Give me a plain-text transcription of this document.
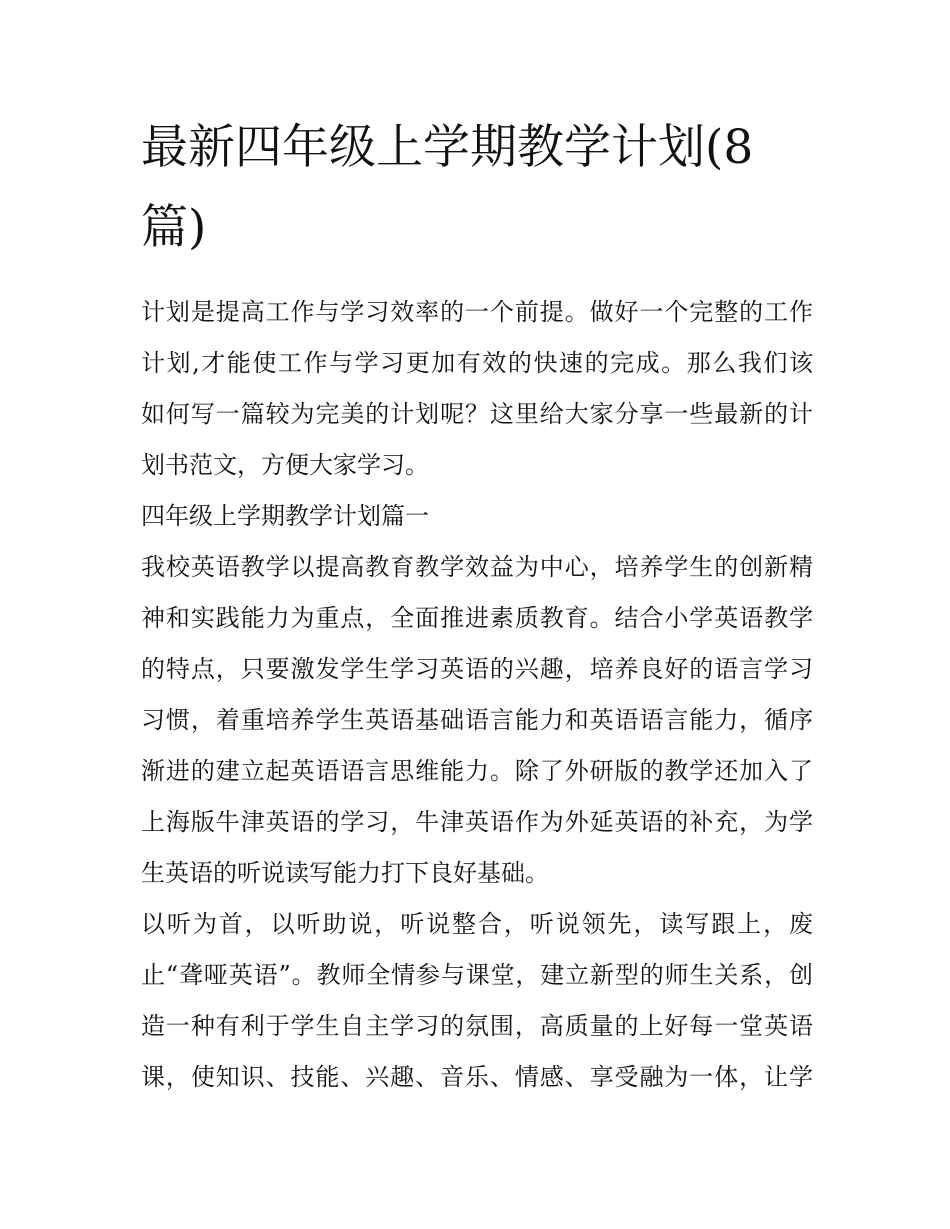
最新四年级上学期教学计划(8
篇)
计划是提高工作与学习效率的一个前提。做好一个完整的工作
计划,才能使工作与学习更加有效的快速的完成。那么我们该
如何写一篇较为完美的计划呢？这里给大家分享一些最新的计
划书范文，方便大家学习。
四年级上学期教学计划篇一
我校英语教学以提高教育教学效益为中心，培养学生的创新精
神和实践能力为重点，全面推进素质教育。结合小学英语教学
的特点，只要激发学生学习英语的兴趣，培养良好的语言学习
习惯，着重培养学生英语基础语言能力和英语语言能力，循序
渐进的建立起英语语言思维能力。除了外研版的教学还加入了
上海版牛津英语的学习，牛津英语作为外延英语的补充，为学
生英语的听说读写能力打下良好基础。
以听为首，以听助说，听说整合，听说领先，读写跟上，废
止“聋哑英语”。教师全情参与课堂，建立新型的师生关系，创
造一种有利于学生自主学习的氛围，高质量的上好每一堂英语
课，使知识、技能、兴趣、音乐、情感、享受融为一体，让学
